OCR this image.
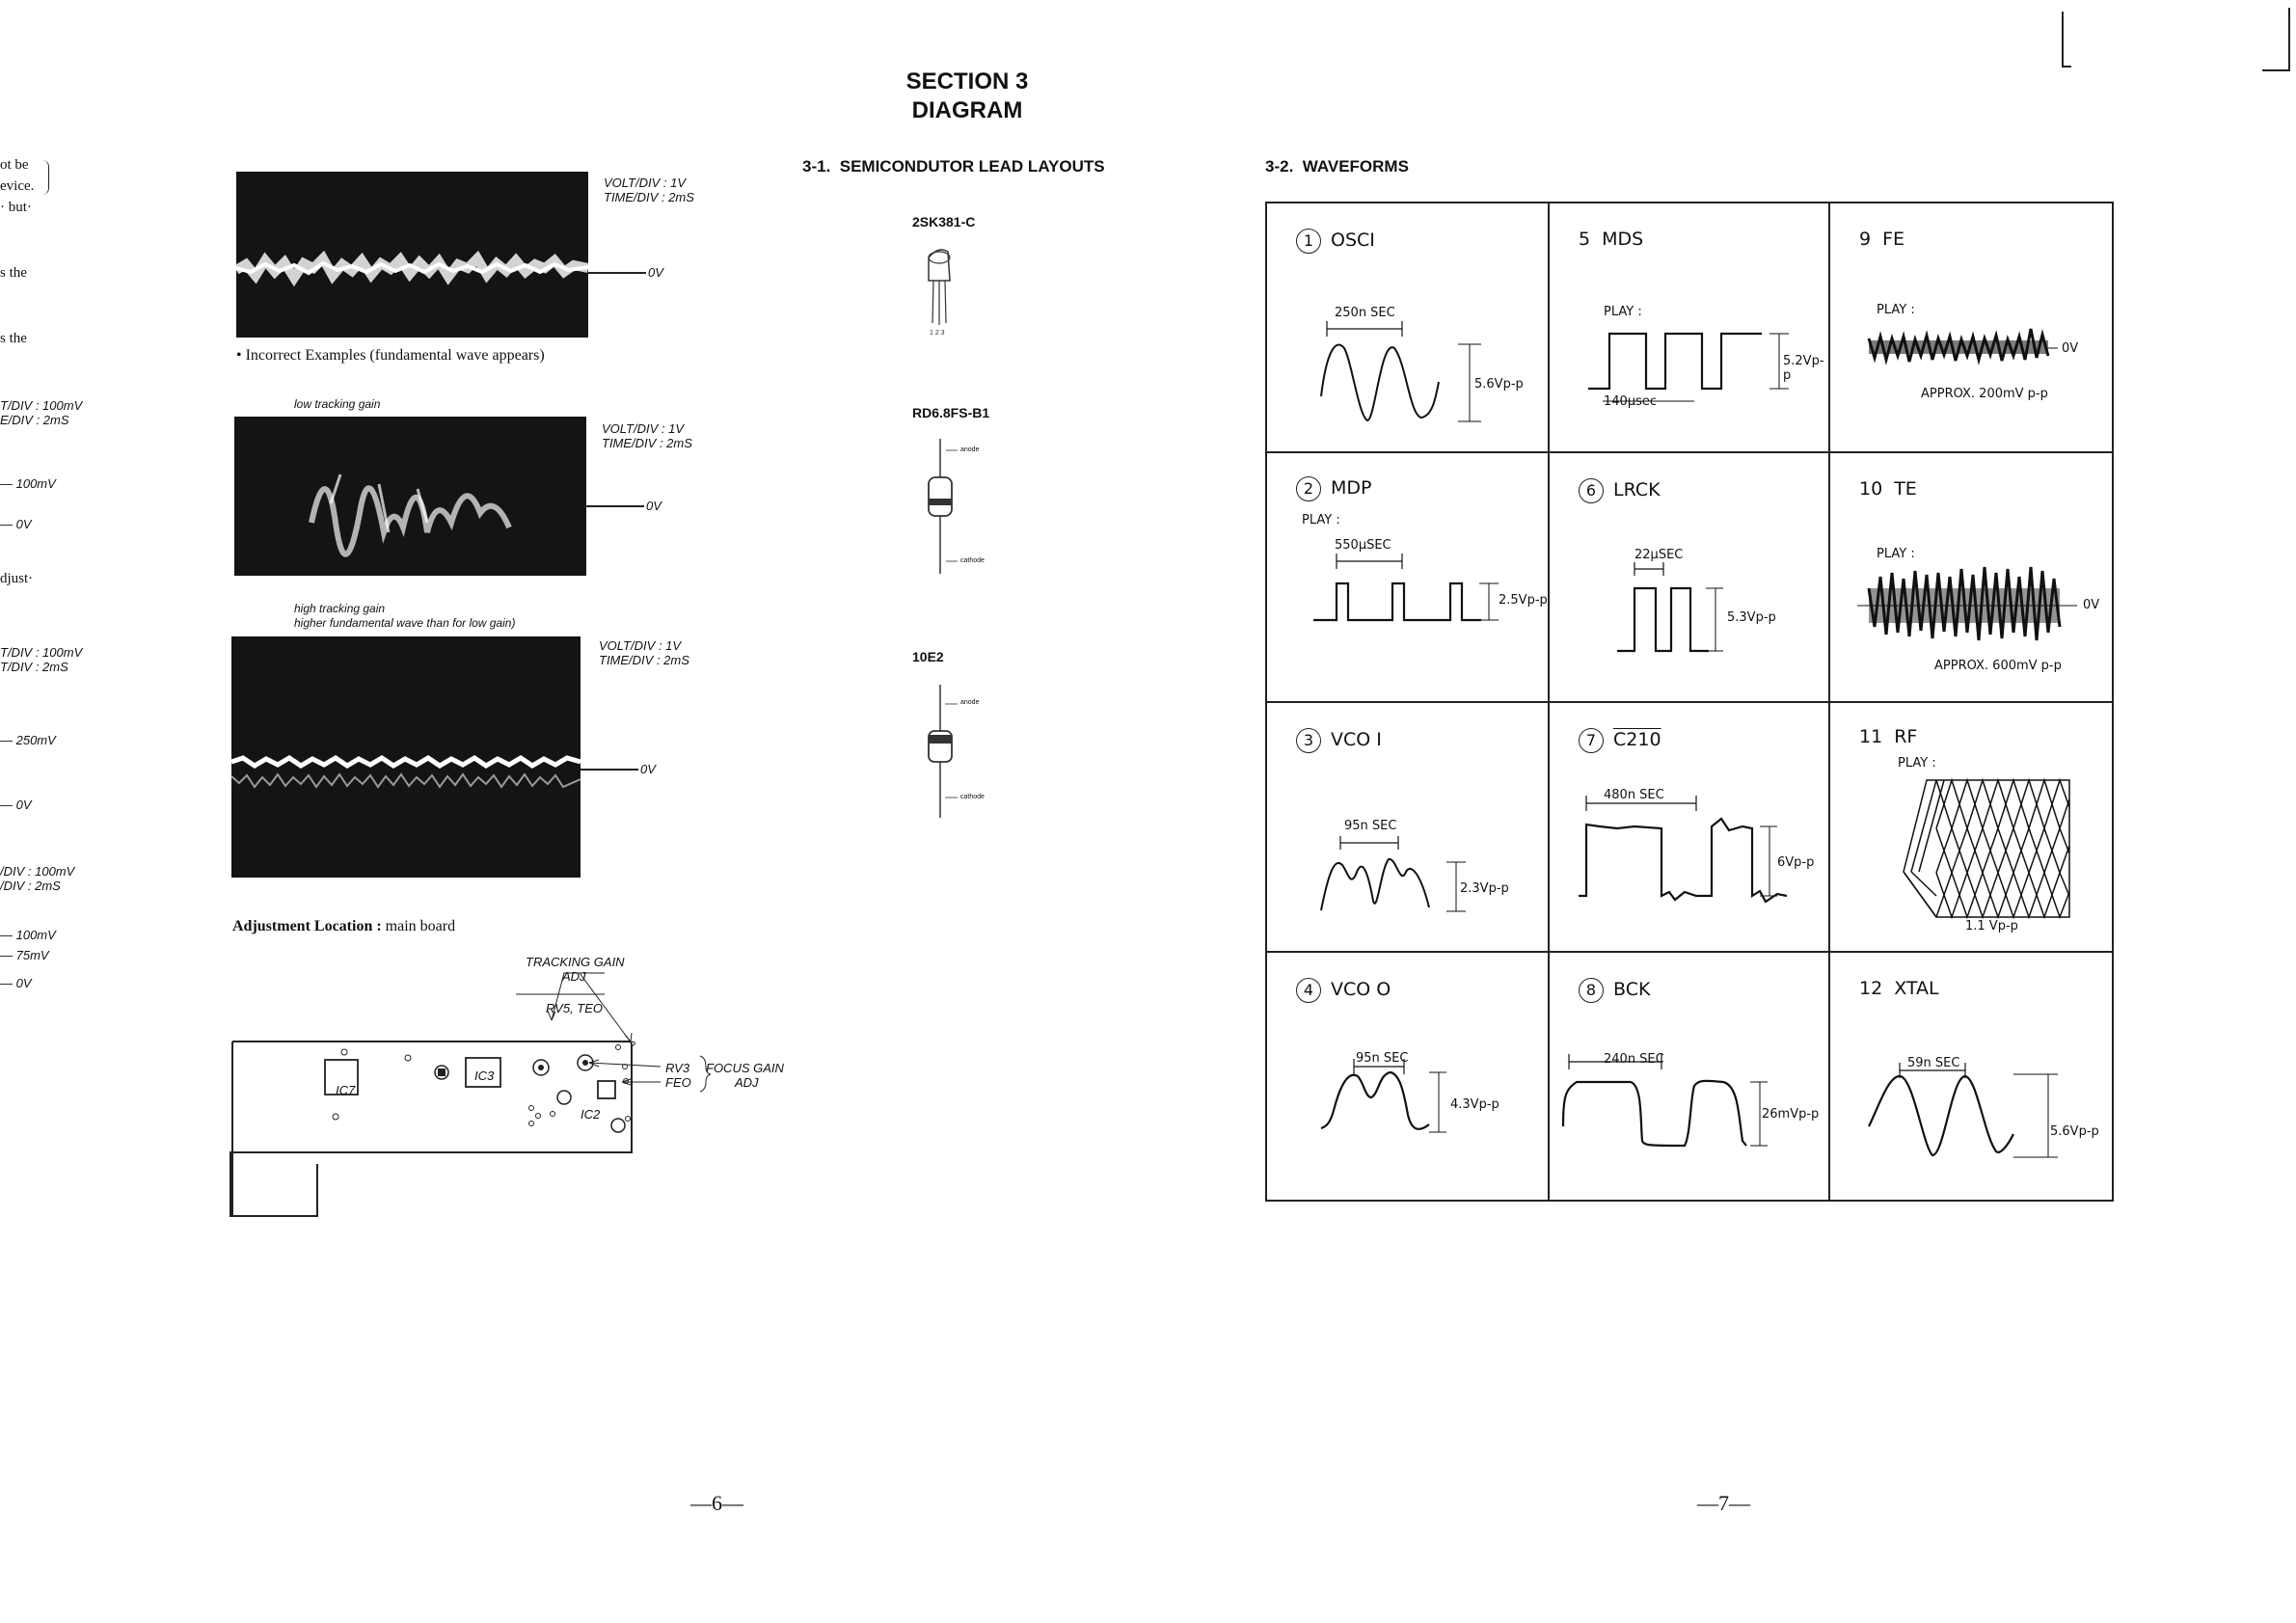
ot be
evice.
· but·
s the
s the
djust·
T/DIV : 100mV
E/DIV : 2mS
— 100mV
— 0V
T/DIV : 100mV
T/DIV : 2mS
— 250mV
— 0V
/DIV : 100mV
/DIV : 2mS
— 100mV
— 75mV
— 0V
0V
VOLT/DIV : 1V
TIME/DIV : 2mS
• Incorrect Examples (fundamental wave appears)
low tracking gain
0V
VOLT/DIV : 1V
TIME/DIV : 2mS
high tracking gain
higher fundamental wave than for low gain)
0V
VOLT/DIV : 1V
TIME/DIV : 2mS
Adjustment Location : main board
TRACKING GAIN
ADJ
RV5, TEO
RV3
FEO
FOCUS GAIN
ADJ
IC7
IC3
IC2
SECTION 3
DIAGRAM
3-1.  SEMICONDUTOR LEAD LAYOUTS
2SK381-C
1 2 3
RD6.8FS-B1
anode
cathode
10E2
anode
cathode
3-2.  WAVEFORMS
1 OSCI
250n SEC
5.6Vp-p
5 MDS
PLAY :
140μsec
5.2Vp-p
9 FE
PLAY :
0V
APPROX. 200mV p-p
2 MDP
PLAY :
550μSEC
2.5Vp-p
6 LRCK
22μSEC
5.3Vp-p
10 TE
PLAY :
0V
APPROX. 600mV p-p
3 VCO I
95n SEC
2.3Vp-p
7 C210
480n SEC
6Vp-p
11 RF
PLAY :
1.1 Vp-p
4 VCO O
95n SEC
4.3Vp-p
8 BCK
240n SEC
26mVp-p
12 XTAL
59n SEC
5.6Vp-p
—6—	—7—
